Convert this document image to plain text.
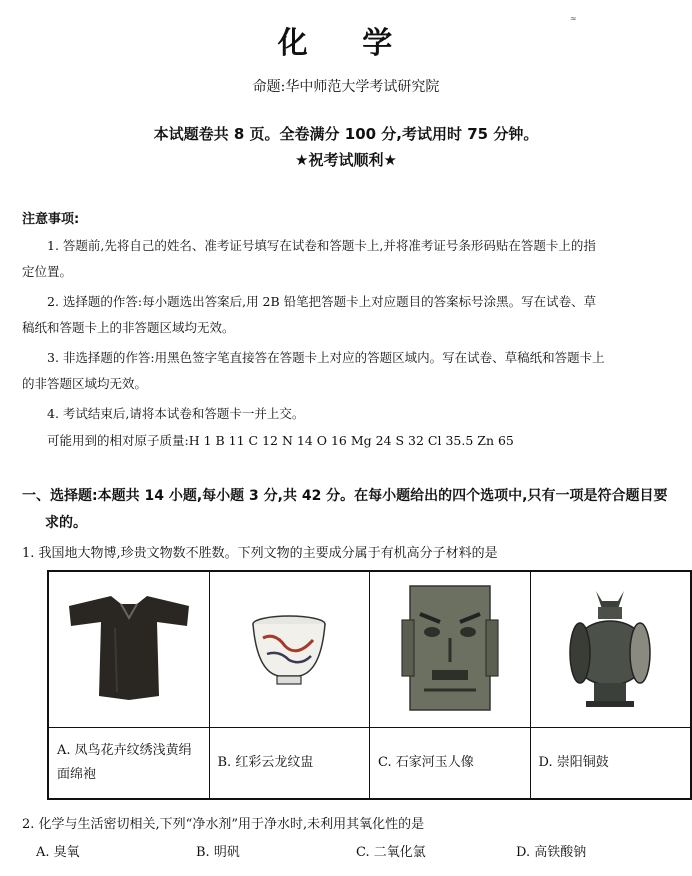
≈
化 学
命题:华中师范大学考试研究院
本试题卷共 8 页。全卷满分 100 分,考试用时 75 分钟。
★祝考试顺利★
注意事项:
1. 答题前,先将自己的姓名、准考证号填写在试卷和答题卡上,并将准考证号条形码贴在答题卡上的指
定位置。
2. 选择题的作答:每小题选出答案后,用 2B 铅笔把答题卡上对应题目的答案标号涂黑。写在试卷、草
稿纸和答题卡上的非答题区域均无效。
3. 非选择题的作答:用黑色签字笔直接答在答题卡上对应的答题区域内。写在试卷、草稿纸和答题卡上
的非答题区域均无效。
4. 考试结束后,请将本试卷和答题卡一并上交。
可能用到的相对原子质量:H 1 B 11 C 12 N 14 O 16 Mg 24 S 32 Cl 35.5 Zn 65
一、选择题:本题共 14 小题,每小题 3 分,共 42 分。在每小题给出的四个选项中,只有一项是符合题目要
求的。
1. 我国地大物博,珍贵文物数不胜数。下列文物的主要成分属于有机高分子材料的是

A. 凤鸟花卉纹绣浅黄绢面绵袍	B. 红彩云龙纹盅	C. 石家河玉人像	D. 崇阳铜鼓
2. 化学与生活密切相关,下列“净水剂”用于净水时,未利用其氧化性的是
A. 臭氧	B. 明矾	C. 二氧化氯	D. 高铁酸钠
